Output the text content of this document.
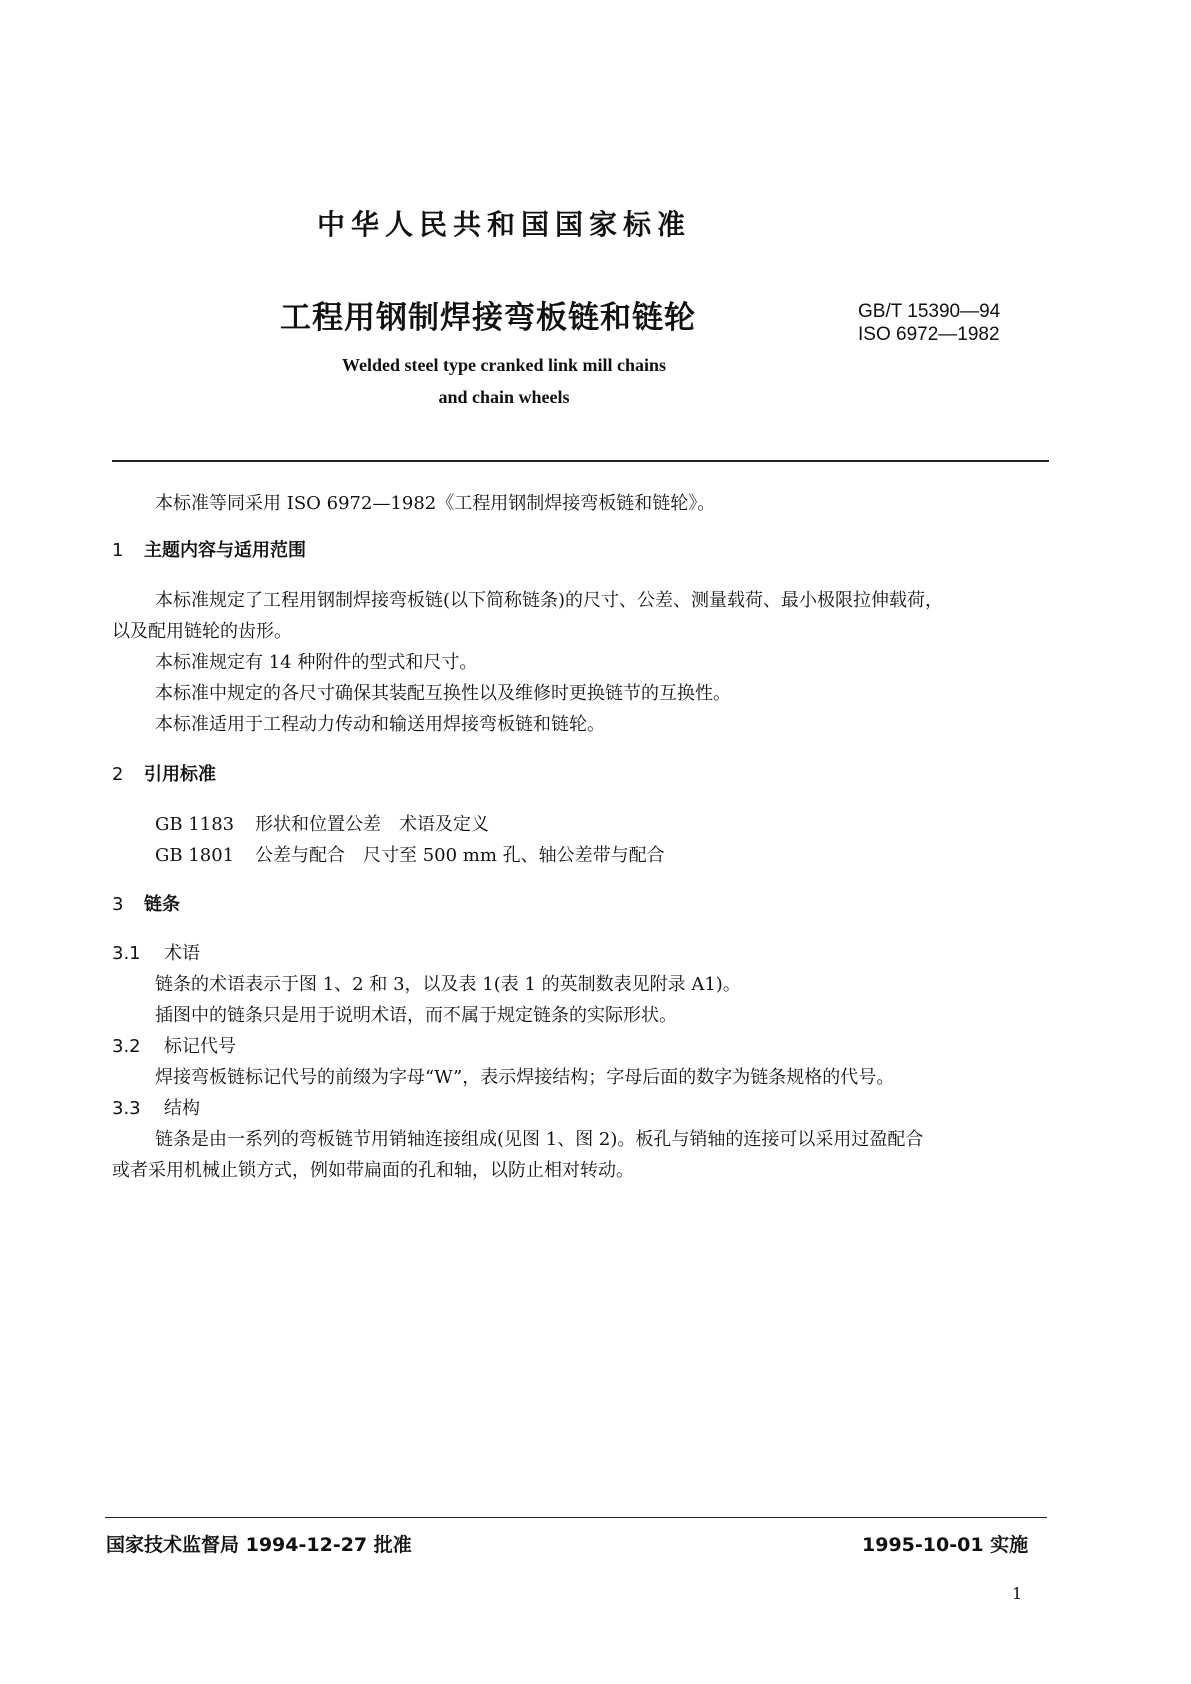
中华人民共和国国家标准
工程用钢制焊接弯板链和链轮	GB/T 15390—94
ISO 6972—1982
Welded steel type cranked link mill chains
and chain wheels
本标准等同采用 ISO 6972—1982《工程用钢制焊接弯板链和链轮》。
1 主题内容与适用范围
本标准规定了工程用钢制焊接弯板链(以下简称链条)的尺寸、公差、测量载荷、最小极限拉伸载荷，
以及配用链轮的齿形。
本标准规定有 14 种附件的型式和尺寸。
本标准中规定的各尺寸确保其装配互换性以及维修时更换链节的互换性。
本标准适用于工程动力传动和输送用焊接弯板链和链轮。
2 引用标准
GB 1183 形状和位置公差　术语及定义
GB 1801 公差与配合　尺寸至 500 mm 孔、轴公差带与配合
3 链条
3.1 术语
链条的术语表示于图 1、2 和 3，以及表 1(表 1 的英制数表见附录 A1)。
插图中的链条只是用于说明术语，而不属于规定链条的实际形状。
3.2 标记代号
焊接弯板链标记代号的前缀为字母“W”，表示焊接结构；字母后面的数字为链条规格的代号。
3.3 结构
链条是由一系列的弯板链节用销轴连接组成(见图 1、图 2)。板孔与销轴的连接可以采用过盈配合
或者采用机械止锁方式，例如带扁面的孔和轴，以防止相对转动。
国家技术监督局 1994-12-27 批准	1995-10-01 实施
1
